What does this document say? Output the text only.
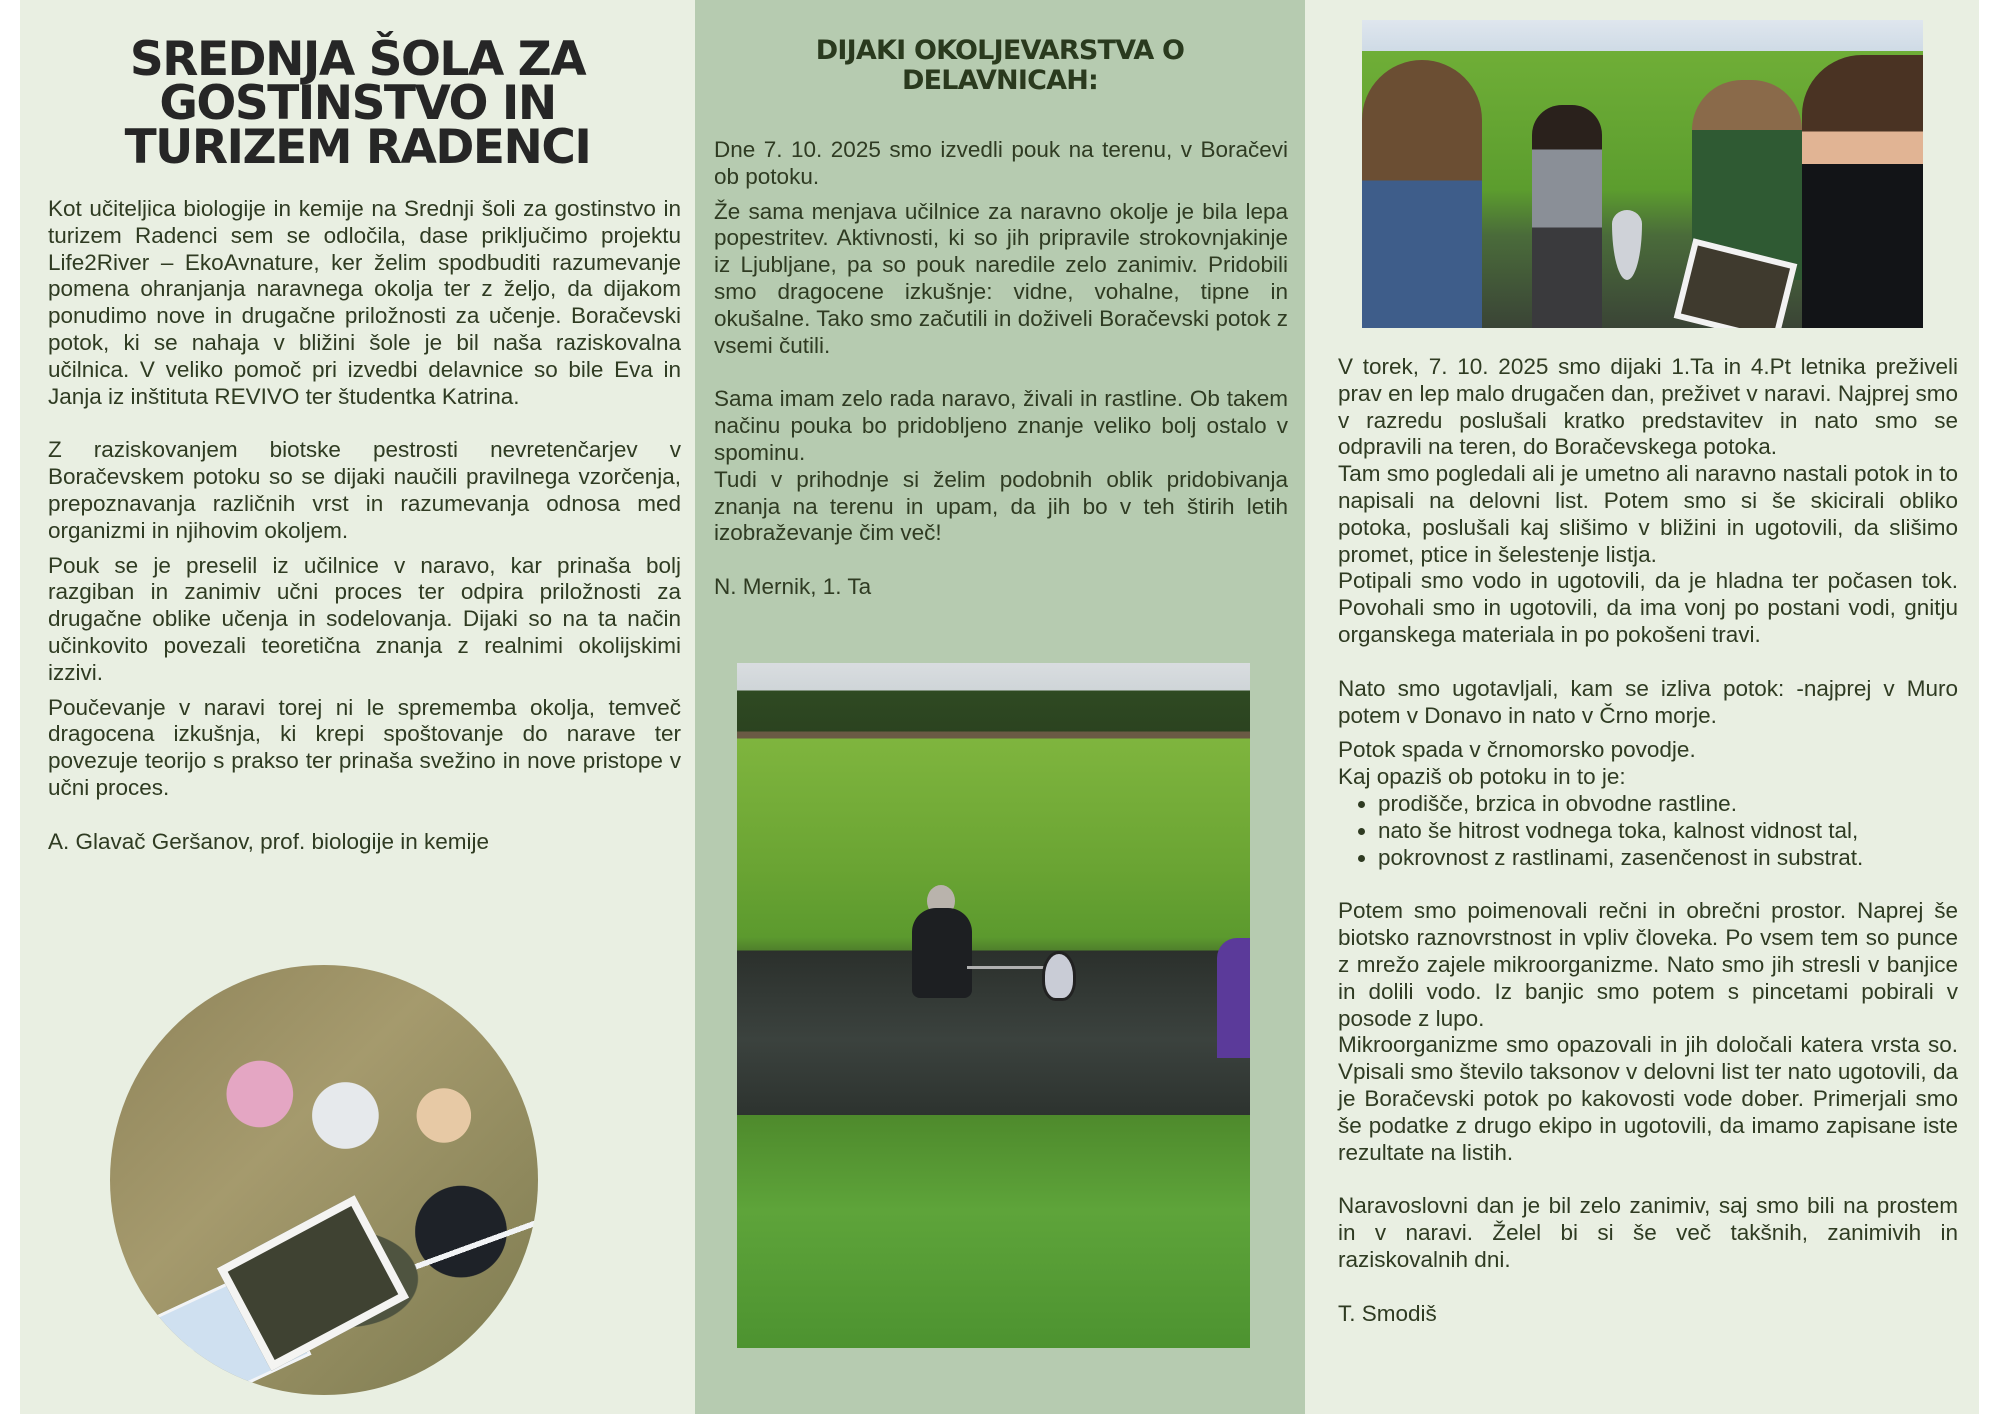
SREDNJA ŠOLA ZA
GOSTINSTVO IN
TURIZEM RADENCI

Kot učiteljica biologije in kemije na Srednji šoli za gostinstvo in turizem Radenci sem se odločila, dase priključimo projektu Life2River – EkoAvnature, ker želim spodbuditi razumevanje pomena ohranjanja naravnega okolja ter z željo, da dijakom ponudimo nove in drugačne priložnosti za učenje. Boračevski potok, ki se nahaja v bližini šole je bil naša raziskovalna učilnica. V veliko pomoč pri izvedbi delavnice so bile Eva in Janja iz inštituta REVIVO ter študentka Katrina.

Z raziskovanjem biotske pestrosti nevretenčarjev v Boračevskem potoku so se dijaki naučili pravilnega vzorčenja, prepoznavanja različnih vrst in razumevanja odnosa med organizmi in njihovim okoljem.

Pouk se je preselil iz učilnice v naravo, kar prinaša bolj razgiban in zanimiv učni proces ter odpira priložnosti za drugačne oblike učenja in sodelovanja. Dijaki so na ta način učinkovito povezali teoretična znanja z realnimi okolijskimi izzivi.

Poučevanje v naravi torej ni le sprememba okolja, temveč dragocena izkušnja, ki krepi spoštovanje do narave ter povezuje teorijo s prakso ter prinaša svežino in nove pristope v učni proces.

A. Glavač Geršanov, prof. biologije in kemije

DIJAKI OKOLJEVARSTVA O
DELAVNICAH:

Dne 7. 10. 2025 smo izvedli pouk na terenu, v Boračevi ob potoku.

Že sama menjava učilnice za naravno okolje je bila lepa popestritev. Aktivnosti, ki so jih pripravile strokovnjakinje iz Ljubljane, pa so pouk naredile zelo zanimiv. Pridobili smo dragocene izkušnje: vidne, vohalne, tipne in okušalne. Tako smo začutili in doživeli Boračevski potok z vsemi čutili.

Sama imam zelo rada naravo, živali in rastline. Ob takem načinu pouka bo pridobljeno znanje veliko bolj ostalo v spominu.

Tudi v prihodnje si želim podobnih oblik pridobivanja znanja na terenu in upam, da jih bo v teh štirih letih izobraževanje čim več!

N. Mernik, 1. Ta

V torek, 7. 10. 2025 smo dijaki 1.Ta in 4.Pt letnika preživeli prav en lep malo drugačen dan, preživet v naravi. Najprej smo v razredu poslušali kratko predstavitev in nato smo se odpravili na teren, do Boračevskega potoka.

Tam smo pogledali ali je umetno ali naravno nastali potok in to napisali na delovni list. Potem smo si še skicirali obliko potoka, poslušali kaj slišimo v bližini in ugotovili, da slišimo promet, ptice in šelestenje listja.

Potipali smo vodo in ugotovili, da je hladna ter počasen tok. Povohali smo in ugotovili, da ima vonj po postani vodi, gnitju organskega materiala in po pokošeni travi.

Nato smo ugotavljali, kam se izliva potok: -najprej v Muro potem v Donavo in nato v Črno morje.

Potok spada v črnomorsko povodje.

Kaj opaziš ob potoku in to je:

• prodišče, brzica in obvodne rastline.
• nato še hitrost vodnega toka, kalnost vidnost tal,
• pokrovnost z rastlinami, zasenčenost in substrat.

Potem smo poimenovali rečni in obrečni prostor. Naprej še biotsko raznovrstnost in vpliv človeka. Po vsem tem so punce z mrežo zajele mikroorganizme. Nato smo jih stresli v banjice in dolili vodo. Iz banjic smo potem s pincetami pobirali v posode z lupo.

Mikroorganizme smo opazovali in jih določali katera vrsta so. Vpisali smo število taksonov v delovni list ter nato ugotovili, da je Boračevski potok po kakovosti vode dober. Primerjali smo še podatke z drugo ekipo in ugotovili, da imamo zapisane iste rezultate na listih.

Naravoslovni dan je bil zelo zanimiv, saj smo bili na prostem in v naravi. Želel bi si še več takšnih, zanimivih in raziskovalnih dni.

T. Smodiš
